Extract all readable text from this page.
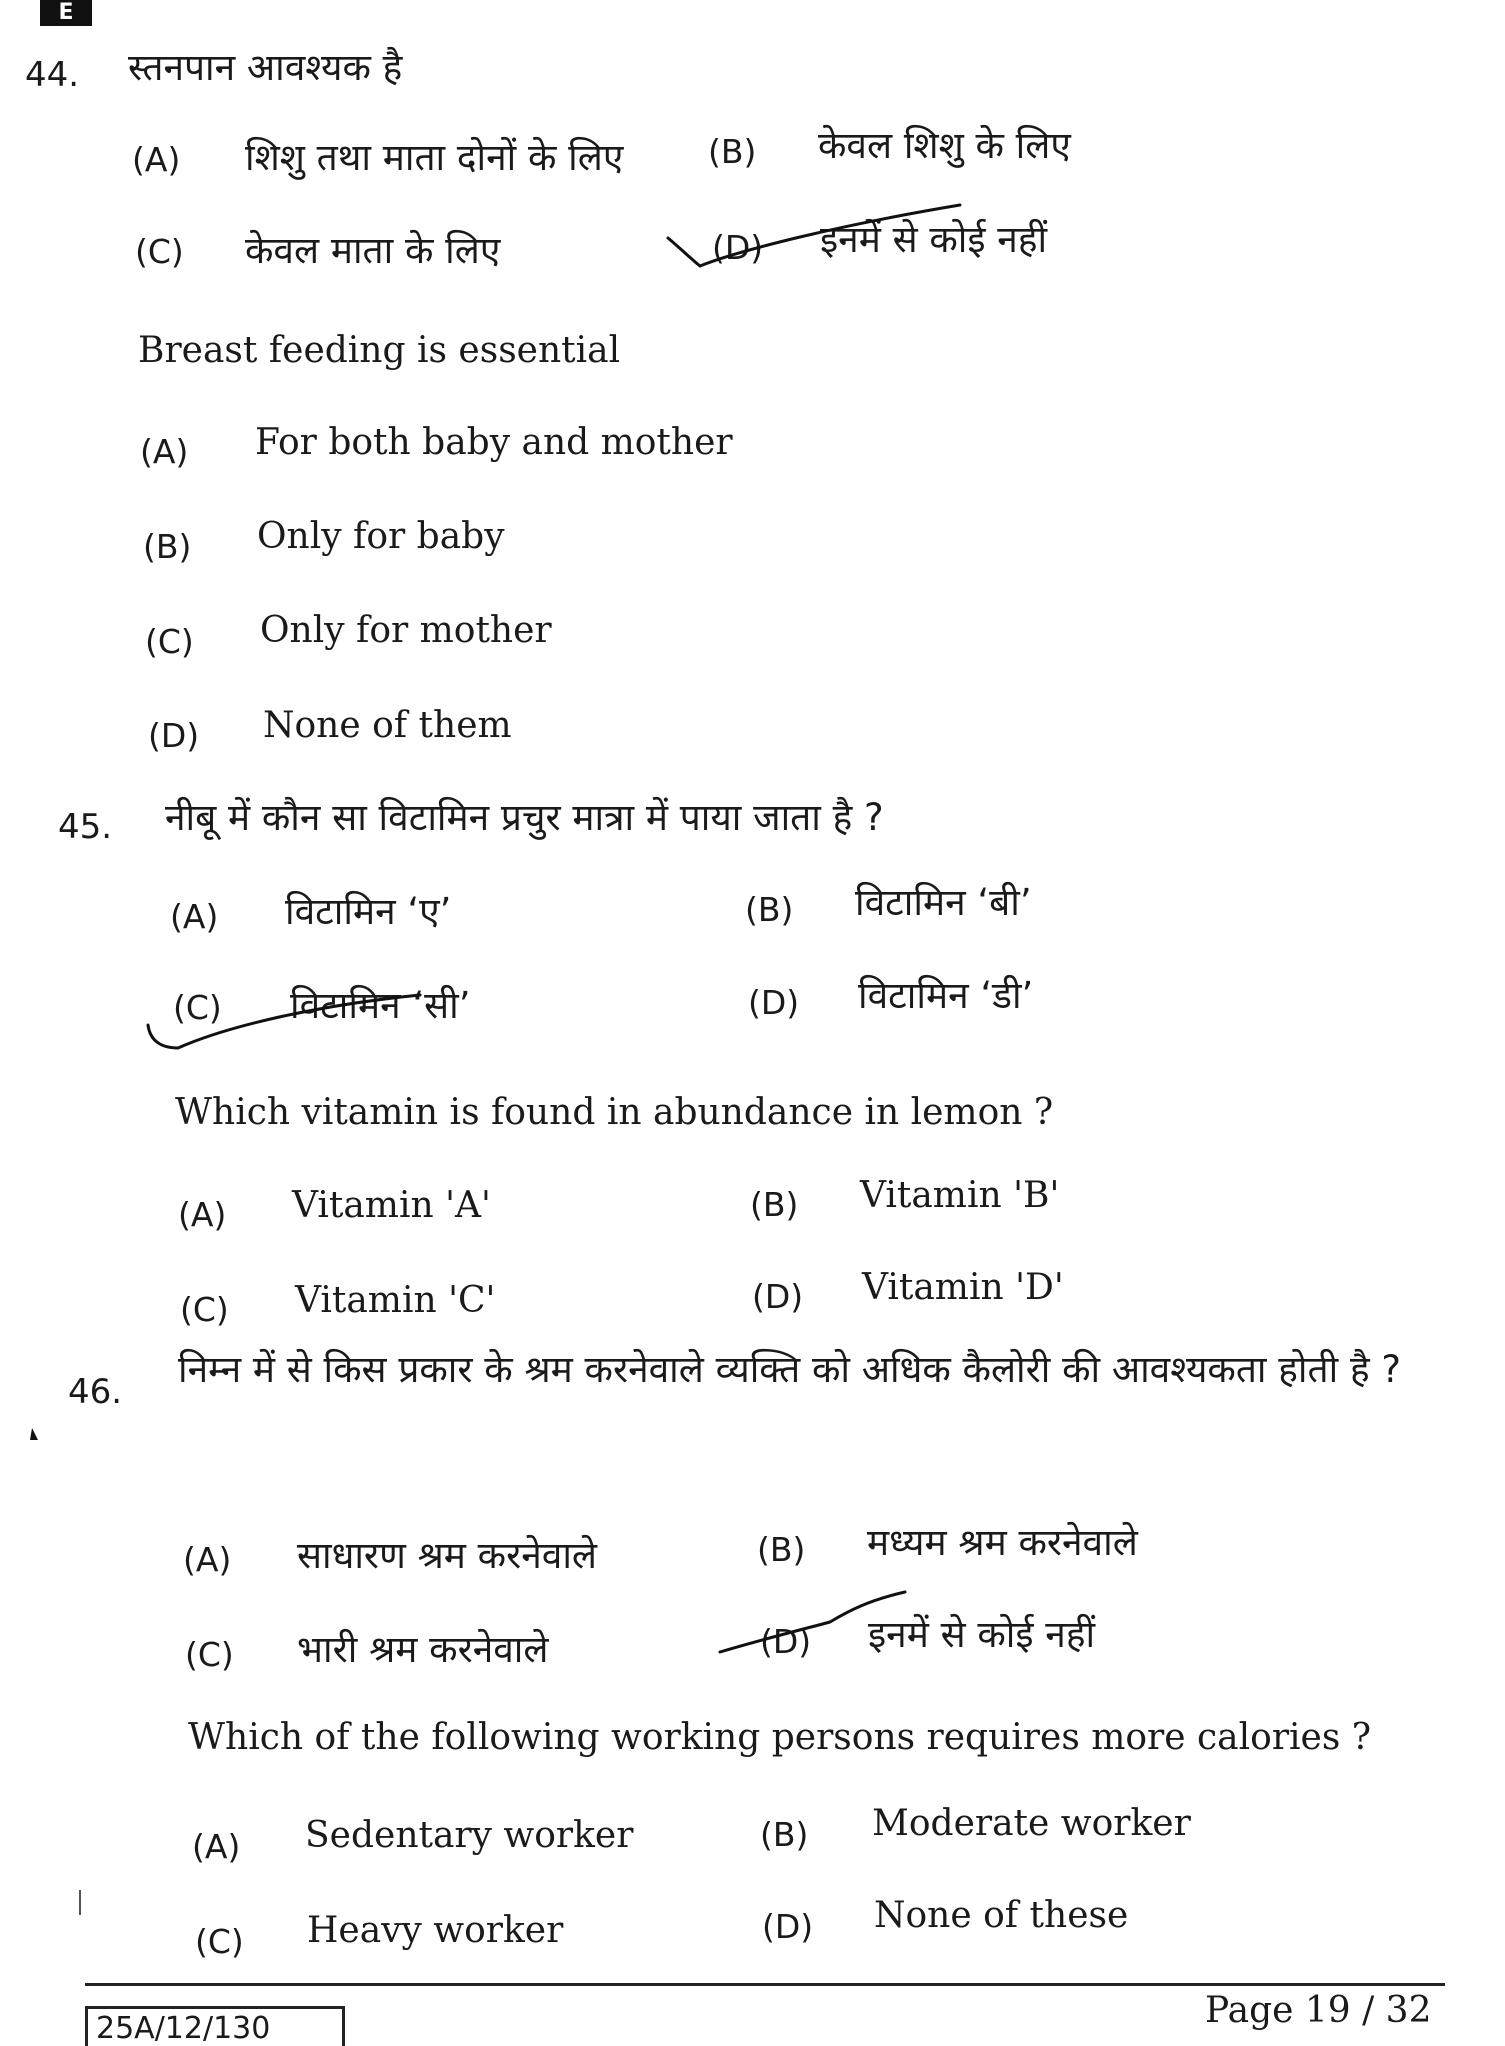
E
44. स्तनपान आवश्यक है
(A) शिशु तथा माता दोनों के लिए	(B) केवल शिशु के लिए
(C) केवल माता के लिए	(D) इनमें से कोई नहीं
Breast feeding is essential
(A) For both baby and mother
(B) Only for baby
(C) Only for mother
(D) None of them
45. नीबू में कौन सा विटामिन प्रचुर मात्रा में पाया जाता है ?
(A) विटामिन ‘ए’	(B) विटामिन ‘बी’
(C) विटामिन ‘सी’	(D) विटामिन ‘डी’
Which vitamin is found in abundance in lemon ?
(A) Vitamin 'A'	(B) Vitamin 'B'
(C) Vitamin 'C'	(D) Vitamin 'D'
46.
निम्न में से किस प्रकार के श्रम करनेवाले व्यक्ति को अधिक कैलोरी की आवश्यकता होती है ?
(A) साधारण श्रम करनेवाले	(B) मध्यम श्रम करनेवाले
(C) भारी श्रम करनेवाले	(D) इनमें से कोई नहीं
Which of the following working persons requires more calories ?
(A) Sedentary worker	(B) Moderate worker
(C) Heavy worker	(D) None of these
25A/12/130	Page 19 / 32
